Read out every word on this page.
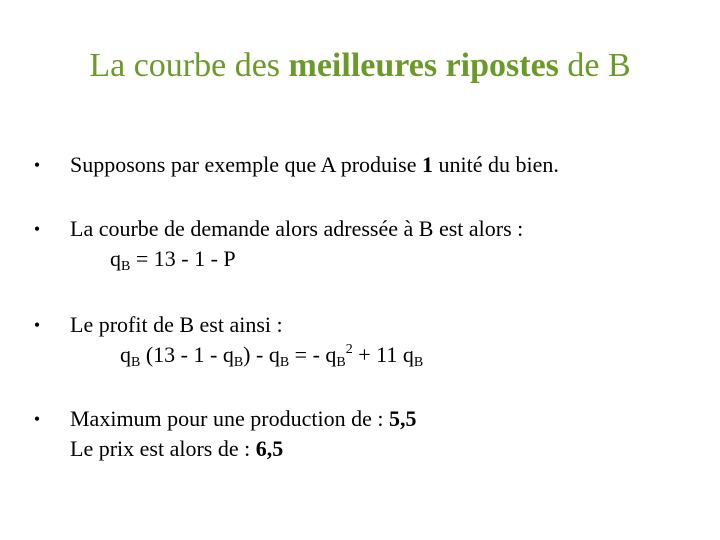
La courbe des meilleures ripostes de B
• Supposons par exemple que A produise 1 unité du bien.
• La courbe de demande alors adressée à B est alors :
$q_B = 13 - 1 - P$
• Le profit de B est ainsi :
$q_B$ $(13 - 1 - q_B) - q_B$ = - $q_B^2 + 11$ $q_B$
• Maximum pour une production de : 5,5
Le prix est alors de : 6,5
